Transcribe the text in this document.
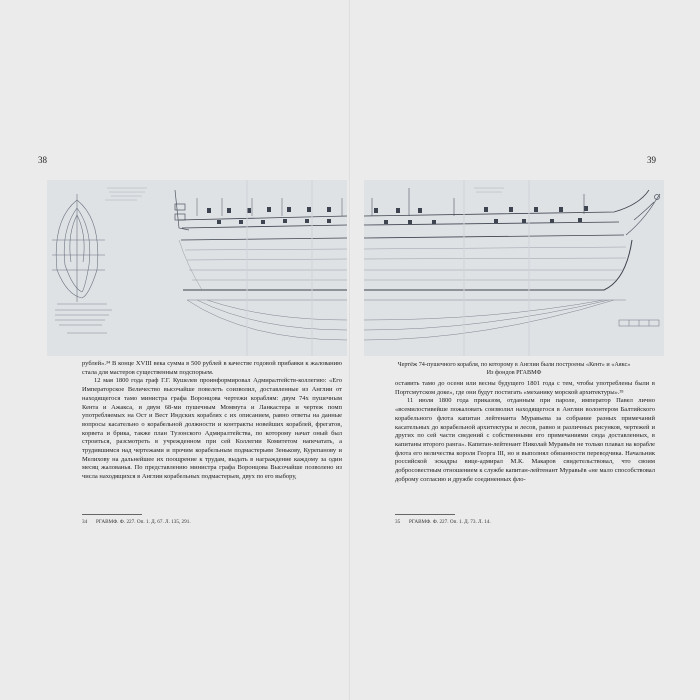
38	39
Чертёж 74-пушечного корабля, по которому в Англии были построены «Кент» и «Аякс»
Из фондов РГАВМФ

рублей».³⁴ В конце XVIII века сумма в 500 рублей в качестве годовой прибавки к жалованию стала для мастеров существенным подспорьем.

12 мая 1800 года граф Г.Г. Кушелев проинформировал Адмиралтейств-коллегию: «Его Императорское Величество высочайше повелеть соизволил, доставленные из Англии от находящегося тамо министра графа Воронцова чертежи кораблям: двум 74х пушечным Кента и Ажакса, и двум 68-ми пушечным Моммута и Ланкастера и чертеж помп употребляемых на Ост и Вест Индских кораблях с их описанием, равно ответы на данные вопросы касательно о корабельной должности и контракты новейших кораблей, фрегатов, корвета и брика, также план Тузонского Адмиралтейства, по которому начат оный был строиться, разсмотреть в учрежденном при сей Коллегии Комитетом напечатать, а трудившимся над чертежами и прочим корабельным подмастерьям Зенькову, Курепанову и Мелихову на дальнейшее их поощрение к трудам, выдать в награждение каждому за один месяц жалованья. По представлению министра графа Воронцова Высочайше позволено из числа находящихся в Англии корабельных подмастерьев, двух по его выбору,

оставить тамо до осени или весны будущего 1801 года с тем, чтобы употреблены были в Портсмутском доке», где они будут постигать «механику морской архитектуры».³⁵

11 июля 1800 года приказом, отданным при пароле, император Павел лично «всемилостивейше пожаловать соизволил находящегося в Англии волонтером Балтийского корабельного флота капитан лейтенанта Муравьева за собрание разных примечаний касательных до корабельной архитектуры и лесов, равно и различных рисунков, чертежей и других по сей части сведений с собственными его примечаниями сюда доставленных, в капитаны второго ранга». Капитан-лейтенант Николай Муравьёв не только плавал на корабле флота его величества короля Георга III, но и выполнял обязанности переводчика. Начальник российской эскадры вице-адмирал М.К. Макаров свидетельствовал, что своим добросовестным отношением к службе капитан-лейтенант Муравьёв «не мало способствовал доброму согласию и дружбе соединенных фло-

34 РГАВМФ. Ф. 227. Оп. 1. Д. 67. Л. 135, 291.	35 РГАВМФ. Ф. 227. Оп. 1. Д. 73. Л. 14.
